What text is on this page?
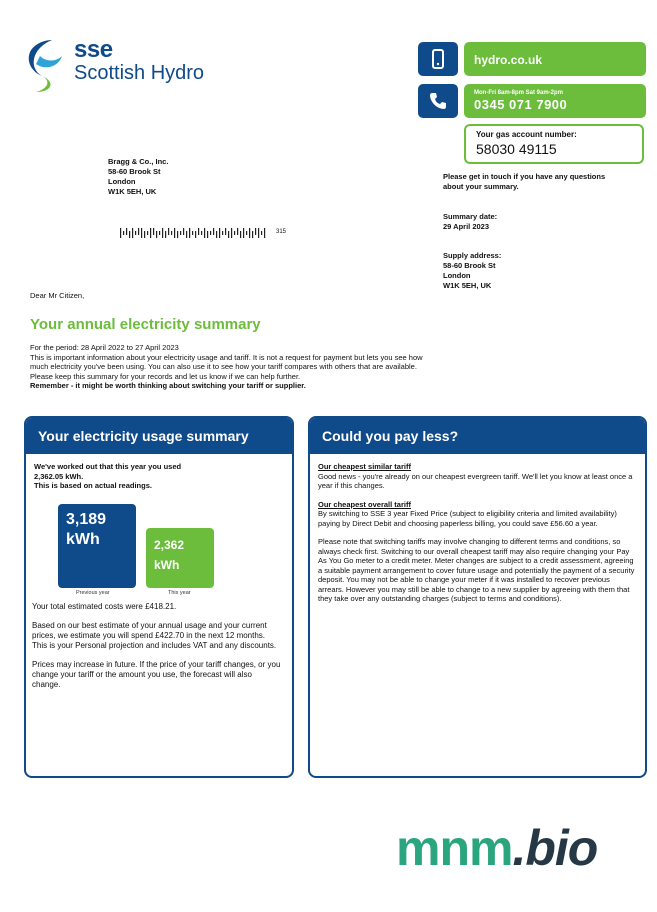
sse
Scottish Hydro
hydro.co.uk
Mon-Fri 8am-8pm Sat 9am-2pm
0345 071 7900
Your gas account number:
58030 49115
Bragg & Co., Inc.
58-60 Brook St
London
W1K 5EH, UK
315
Please get in touch if you have any questions about your summary.
Summary date:
29 April 2023
Supply address:
58-60 Brook St
London
W1K 5EH, UK
Dear Mr Citizen,
Your annual electricity summary
For the period: 28 April 2022 to 27 April 2023
This is important information about your electricity usage and tariff. It is not a request for payment but lets you see how
much electricity you've been using. You can also use it to see how your tariff compares with others that are available.
Please keep this summary for your records and let us know if we can help further.
Remember - it might be worth thinking about switching your tariff or supplier.
Your electricity usage summary

We've worked out that this year you used

2,362.05 kWh.

This is based on actual readings.

3,189
kWh
Previous year
2,362
kWh
This year

Your total estimated costs were £418.21.

Based on our best estimate of your annual usage and your current prices, we estimate you will spend £422.70 in the next 12 months. This is your Personal projection and includes VAT and any discounts.

Prices may increase in future. If the price of your tariff changes, or you change your tariff or the amount you use, the forecast will also change.

Could you pay less?

Our cheapest similar tariff

Good news - you're already on our cheapest evergreen tariff. We'll let you know at least once a year if this changes.

Our cheapest overall tariff

By switching to SSE 3 year Fixed Price (subject to eligibility criteria and limited availability) paying by Direct Debit and choosing paperless billing, you could save £56.60 a year.

Please note that switching tariffs may involve changing to different terms and conditions, so always check first. Switching to our overall cheapest tariff may also require changing your Pay As You Go meter to a credit meter. Meter changes are subject to a credit assessment, agreeing a suitable payment arrangement to cover future usage and potentially the payment of a security deposit. You may not be able to change your meter if it was installed to recover previous arrears. However you may still be able to change to a new supplier by agreeing with them that they take over any outstanding charges (subject to terms and conditions).

mnm.bio
